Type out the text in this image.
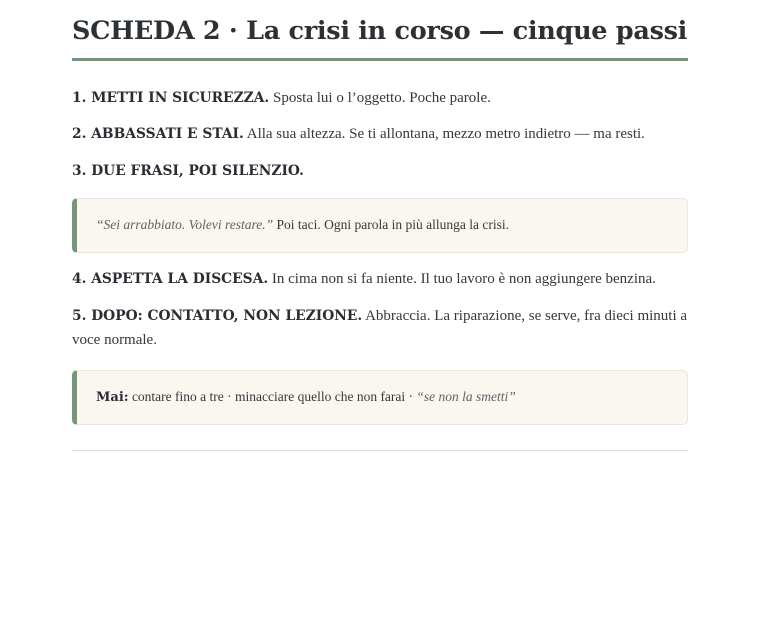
SCHEDA 2 · La crisi in corso — cinque passi

1. METTI IN SICUREZZA. Sposta lui o l’oggetto. Poche parole.

2. ABBASSATI E STAI. Alla sua altezza. Se ti allontana, mezzo metro indietro — ma resti.

3. DUE FRASI, POI SILENZIO.

“Sei arrabbiato. Volevi restare.” Poi taci. Ogni parola in più allunga la crisi.

4. ASPETTA LA DISCESA. In cima non si fa niente. Il tuo lavoro è non aggiungere benzina.

5. DOPO: CONTATTO, NON LEZIONE. Abbraccia. La riparazione, se serve, fra dieci minuti a voce normale.

Mai: contare fino a tre · minacciare quello che non farai · “se non la smetti”
